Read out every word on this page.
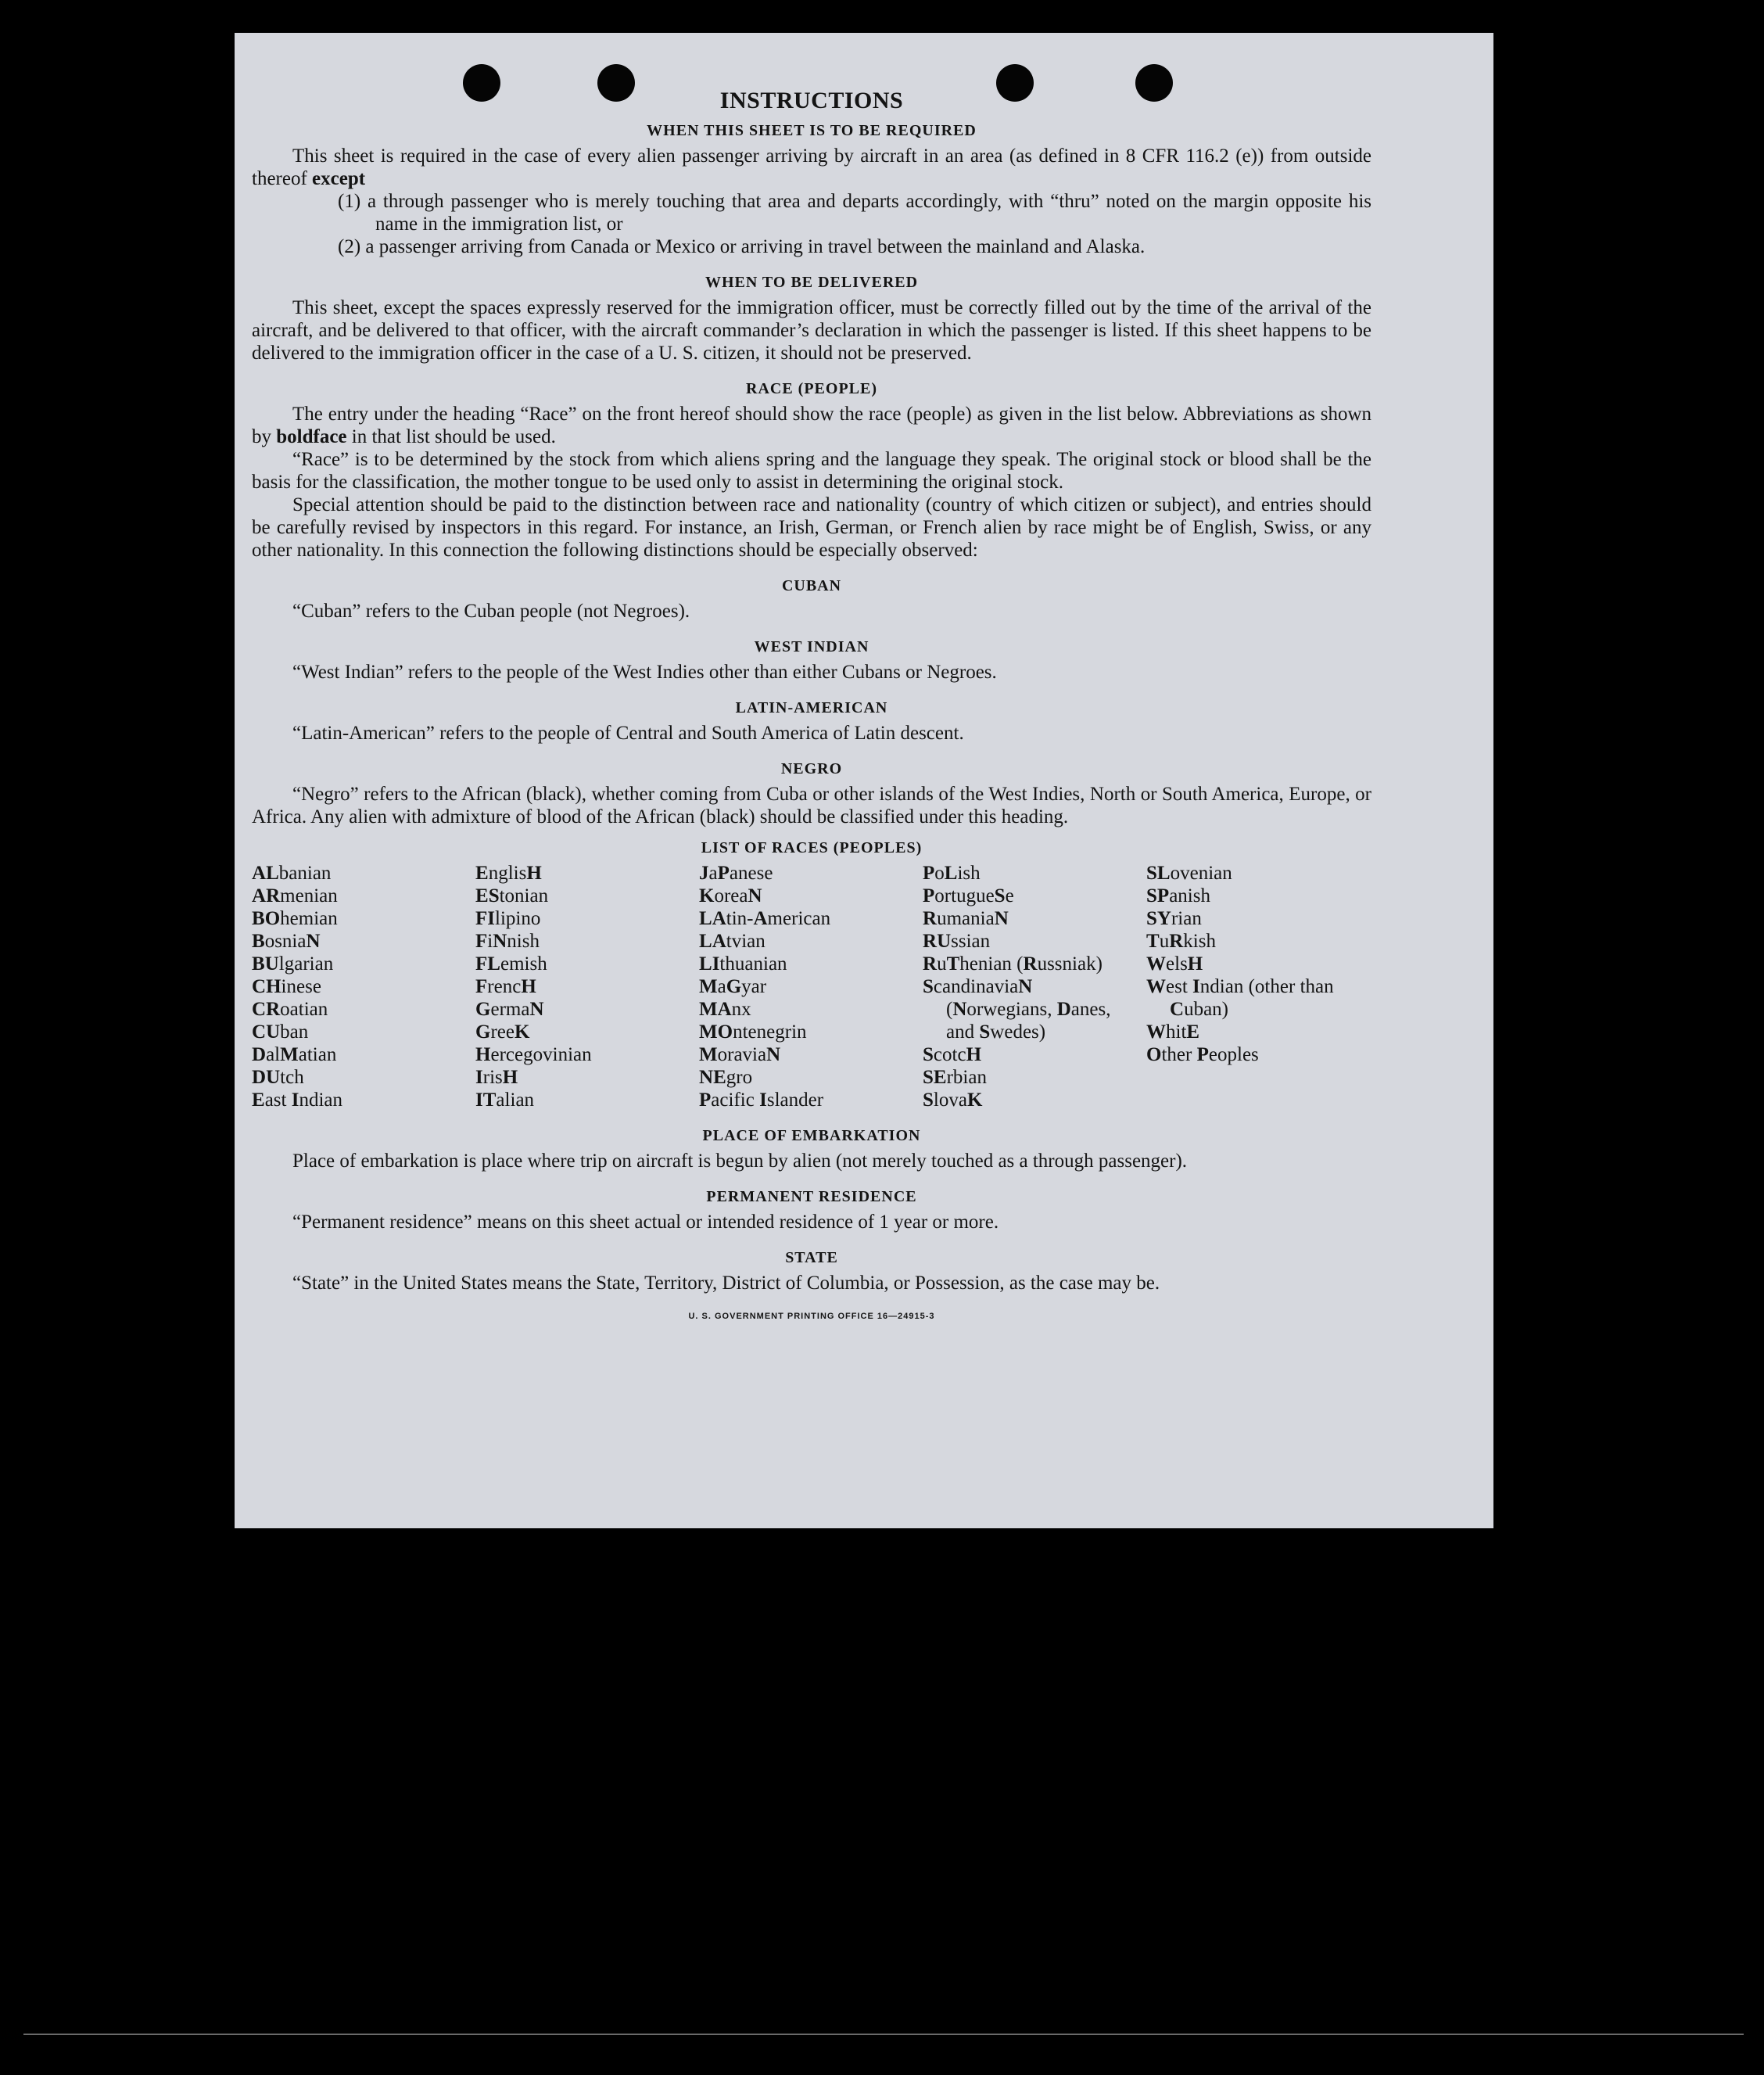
INSTRUCTIONS
WHEN THIS SHEET IS TO BE REQUIRED

This sheet is required in the case of every alien passenger arriving by aircraft in an area (as defined in 8 CFR 116.2 (e)) from outside thereof except

(1) a through passenger who is merely touching that area and departs accordingly, with “thru” noted on the margin opposite his name in the immigration list, or
(2) a passenger arriving from Canada or Mexico or arriving in travel between the mainland and Alaska.
WHEN TO BE DELIVERED

This sheet, except the spaces expressly reserved for the immigration officer, must be correctly filled out by the time of the arrival of the aircraft, and be delivered to that officer, with the aircraft commander’s declaration in which the passenger is listed. If this sheet happens to be delivered to the immigration officer in the case of a U. S. citizen, it should not be preserved.

RACE (PEOPLE)

The entry under the heading “Race” on the front hereof should show the race (people) as given in the list below. Abbreviations as shown by boldface in that list should be used.

“Race” is to be determined by the stock from which aliens spring and the language they speak. The original stock or blood shall be the basis for the classification, the mother tongue to be used only to assist in determining the original stock.

Special attention should be paid to the distinction between race and nationality (country of which citizen or subject), and entries should be carefully revised by inspectors in this regard. For instance, an Irish, German, or French alien by race might be of English, Swiss, or any other nationality. In this connection the following distinctions should be especially observed:

CUBAN

“Cuban” refers to the Cuban people (not Negroes).

WEST INDIAN

“West Indian” refers to the people of the West Indies other than either Cubans or Negroes.

LATIN-AMERICAN

“Latin-American” refers to the people of Central and South America of Latin descent.

NEGRO

“Negro” refers to the African (black), whether coming from Cuba or other islands of the West Indies, North or South America, Europe, or Africa. Any alien with admixture of blood of the African (black) should be classified under this heading.

LIST OF RACES (PEOPLES)
ALbanian
ARmenian
BOhemian
BosniaN
BUlgarian
CHinese
CRoatian
CUban
DalMatian
DUtch
East Indian
EnglisH
EStonian
FIlipino
FiNnish
FLemish
FrencH
GermaN
GreeK
Hercegovinian
IrisH
ITalian
JaPanese
KoreaN
LAtin-American
LAtvian
LIthuanian
MaGyar
MAnx
MOntenegrin
MoraviaN
NEgro
Pacific Islander
PoLish
PortugueSe
RumaniaN
RUssian
RuThenian (Russniak)
ScandinaviaN (Norwegians, Danes, and Swedes)
ScotcH
SErbian
SlovaK
SLovenian
SPanish
SYrian
TuRkish
WelsH
West Indian (other than Cuban)
WhitE
Other Peoples
PLACE OF EMBARKATION

Place of embarkation is place where trip on aircraft is begun by alien (not merely touched as a through passenger).

PERMANENT RESIDENCE

“Permanent residence” means on this sheet actual or intended residence of 1 year or more.

STATE

“State” in the United States means the State, Territory, District of Columbia, or Possession, as the case may be.

U. S. GOVERNMENT PRINTING OFFICE 16—24915-3
